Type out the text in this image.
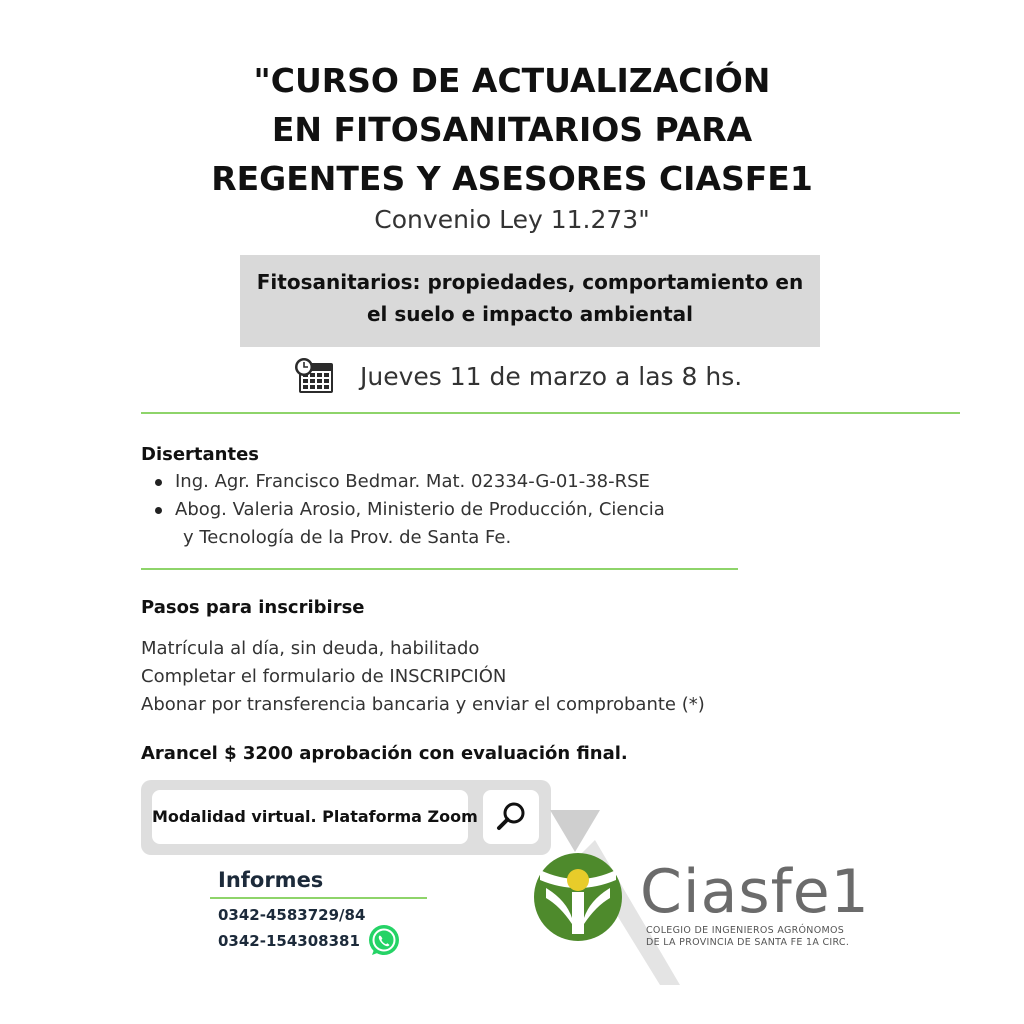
"CURSO DE ACTUALIZACIÓN
EN FITOSANITARIOS PARA
REGENTES Y ASESORES CIASFE1
Convenio Ley 11.273"
Fitosanitarios: propiedades, comportamiento en
el suelo e impacto ambiental
Jueves 11 de marzo a las 8 hs.
Disertantes
Ing. Agr. Francisco Bedmar. Mat. 02334-G-01-38-RSE
Abog. Valeria Arosio, Ministerio de Producción, Ciencia
y Tecnología de la Prov. de Santa Fe.
Pasos para inscribirse
Matrícula al día, sin deuda, habilitado
Completar el formulario de INSCRIPCIÓN
Abonar por transferencia bancaria y enviar el comprobante (*)
Arancel $ 3200 aprobación con evaluación final.
Modalidad virtual. Plataforma Zoom
Informes
0342-4583729/84
0342-154308381
Ciasfe1
COLEGIO DE INGENIEROS AGRÓNOMOS
DE LA PROVINCIA DE SANTA FE 1A CIRC.
